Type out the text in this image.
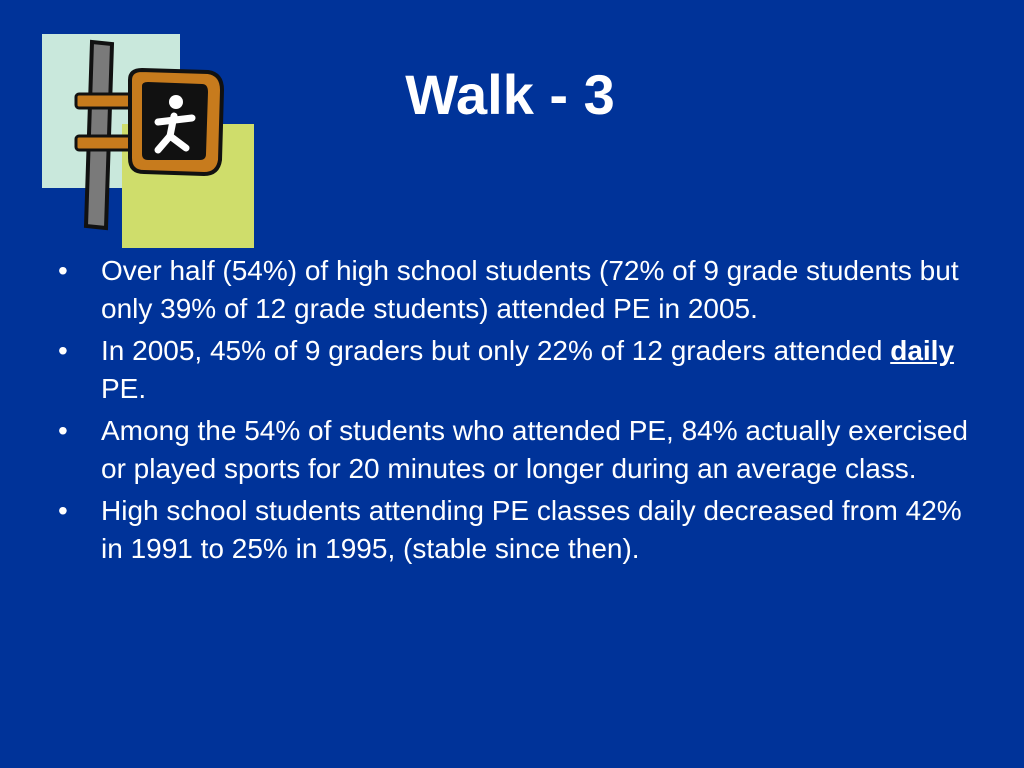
Walk - 3
•	Over half (54%) of high school students (72% of 9 grade students but only 39% of 12 grade students) attended PE in 2005.
•	In 2005, 45% of 9 graders but only 22% of 12 graders attended daily PE.
•	Among the 54% of students who attended PE, 84% actually exercised or played sports for 20 minutes or longer during an average class.
•	High school students attending PE classes daily decreased from 42% in 1991 to 25% in 1995, (stable since then).
